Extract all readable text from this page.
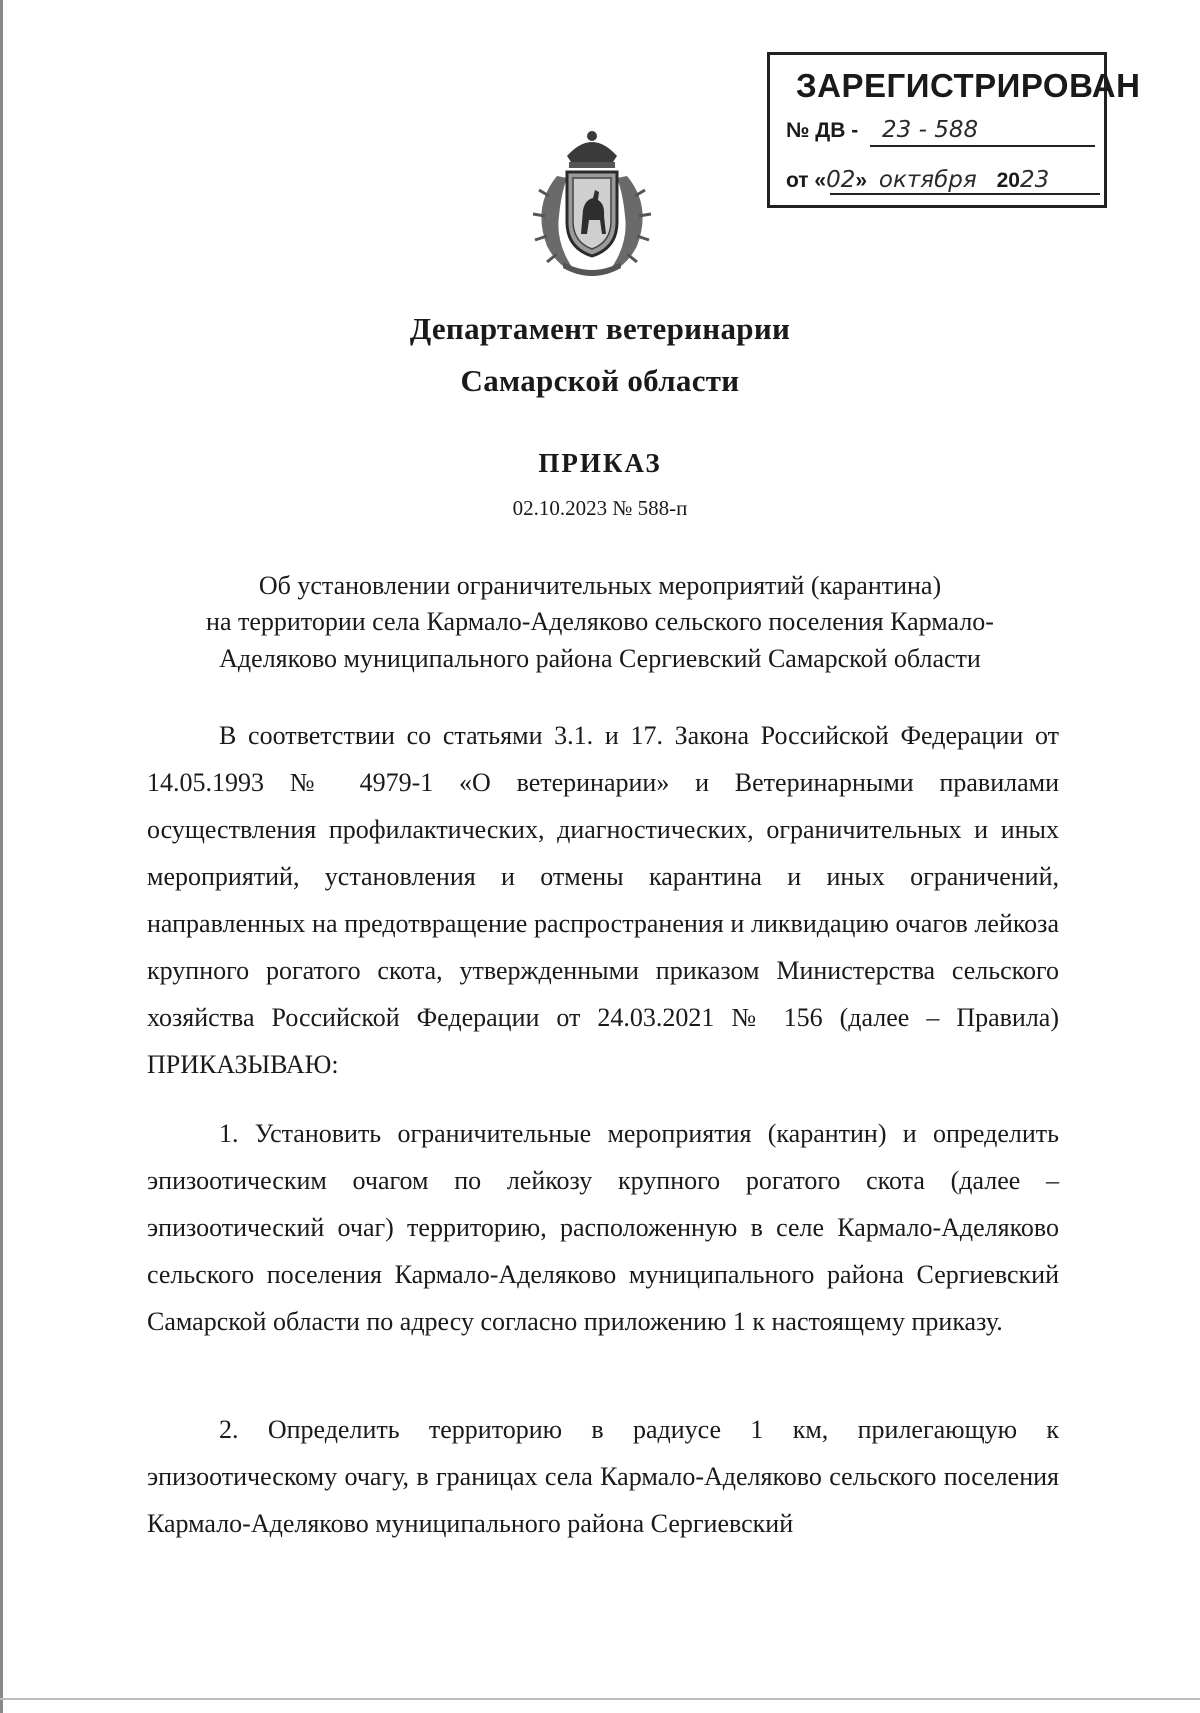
ЗАРЕГИСТРИРОВАН
№ ДВ - 23 - 588
от «02» октября 2023
Департамент ветеринарии
Самарской области
ПРИКАЗ
02.10.2023 № 588-п
Об установлении ограничительных мероприятий (карантина)
на территории села Кармало-Аделяково сельского поселения Кармало-
Аделяково муниципального района Сергиевский Самарской области
В соответствии со статьями 3.1. и 17. Закона Российской Федерации от 14.05.1993 № 4979-1 «О ветеринарии» и Ветеринарными правилами осуществления профилактических, диагностических, ограничительных и иных мероприятий, установления и отмены карантина и иных ограничений, направленных на предотвращение распространения и ликвидацию очагов лейкоза крупного рогатого скота, утвержденными приказом Министерства сельского хозяйства Российской Федерации от 24.03.2021 № 156 (далее – Правила) ПРИКАЗЫВАЮ:
1. Установить ограничительные мероприятия (карантин) и определить эпизоотическим очагом по лейкозу крупного рогатого скота (далее – эпизоотический очаг) территорию, расположенную в селе Кармало-Аделяково сельского поселения Кармало-Аделяково муниципального района Сергиевский Самарской области по адресу согласно приложению 1 к настоящему приказу.
2. Определить территорию в радиусе 1 км, прилегающую к эпизоотическому очагу, в границах села Кармало-Аделяково сельского поселения Кармало-Аделяково муниципального района Сергиевский
